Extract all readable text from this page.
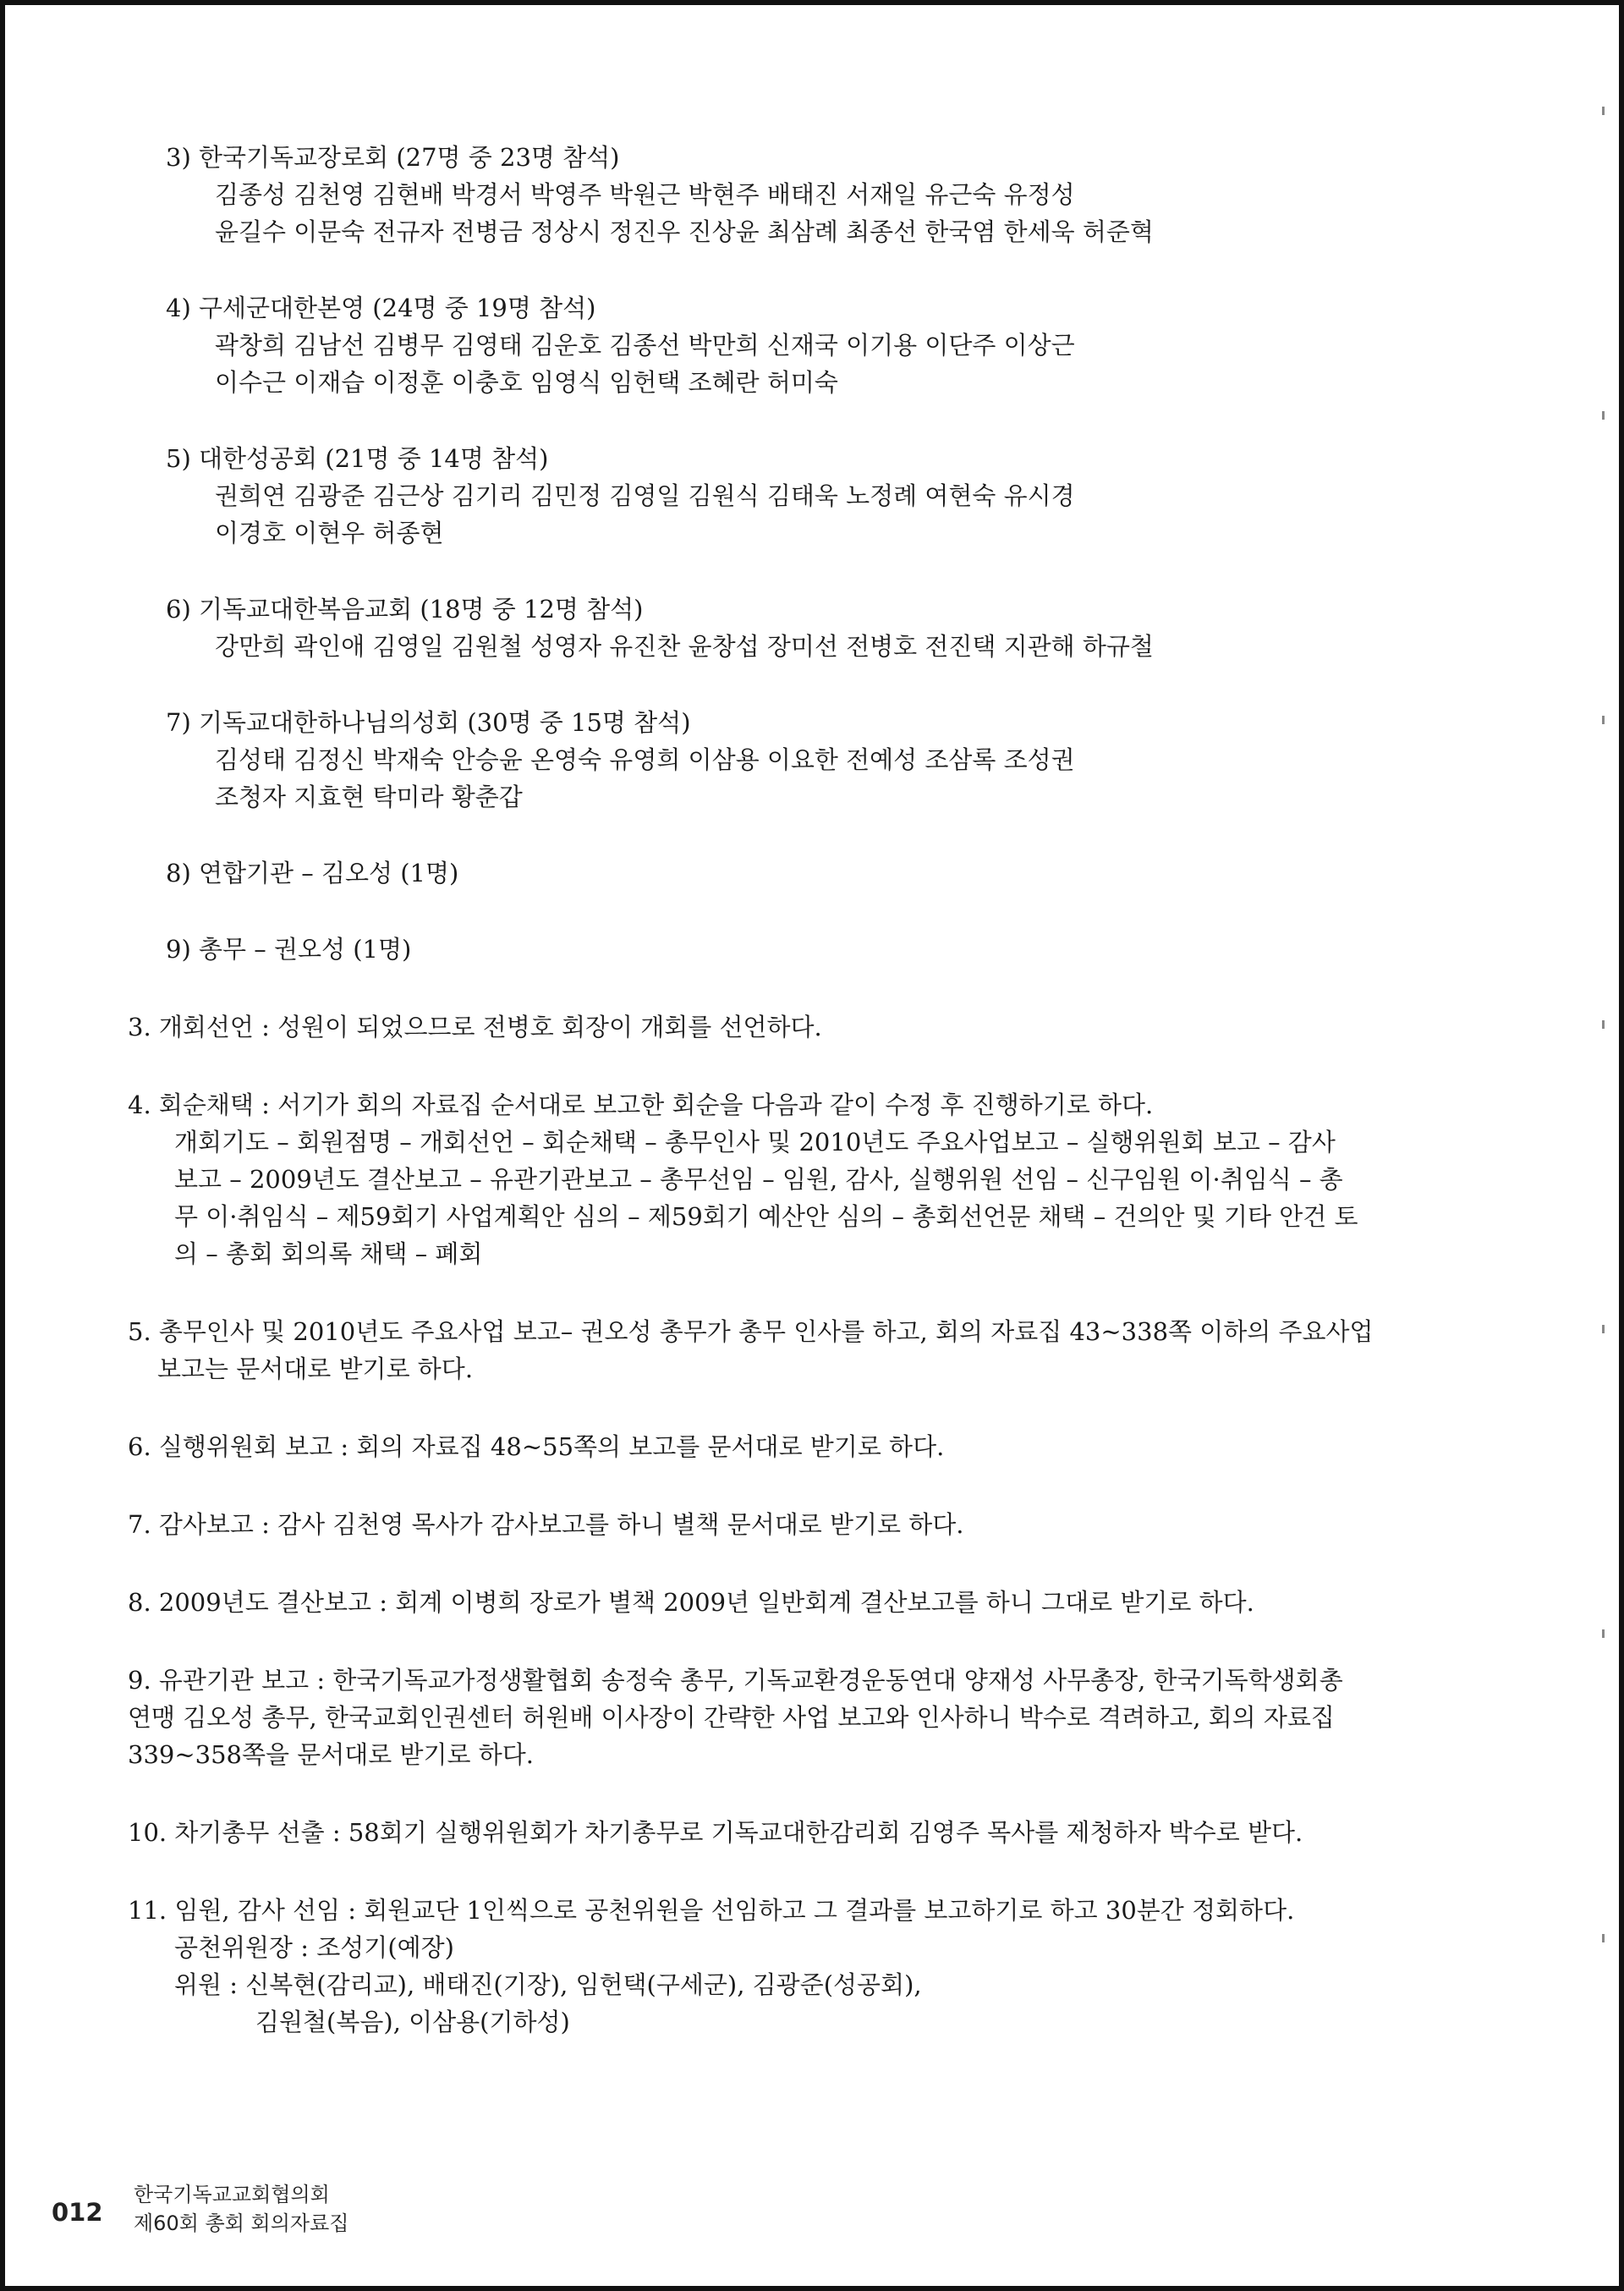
3) 한국기독교장로회 (27명 중 23명 참석)
김종성 김천영 김현배 박경서 박영주 박원근 박현주 배태진 서재일 유근숙 유정성
윤길수 이문숙 전규자 전병금 정상시 정진우 진상윤 최삼례 최종선 한국염 한세욱 허준혁
4) 구세군대한본영 (24명 중 19명 참석)
곽창희 김남선 김병무 김영태 김운호 김종선 박만희 신재국 이기용 이단주 이상근
이수근 이재습 이정훈 이충호 임영식 임헌택 조혜란 허미숙
5) 대한성공회 (21명 중 14명 참석)
권희연 김광준 김근상 김기리 김민정 김영일 김원식 김태욱 노정례 여현숙 유시경
이경호 이현우 허종현
6) 기독교대한복음교회 (18명 중 12명 참석)
강만희 곽인애 김영일 김원철 성영자 유진찬 윤창섭 장미선 전병호 전진택 지관해 하규철
7) 기독교대한하나님의성회 (30명 중 15명 참석)
김성태 김정신 박재숙 안승윤 온영숙 유영희 이삼용 이요한 전예성 조삼록 조성권
조청자 지효현 탁미라 황춘갑
8) 연합기관 – 김오성 (1명)
9) 총무 – 권오성 (1명)
3. 개회선언 : 성원이 되었으므로 전병호 회장이 개회를 선언하다.
4. 회순채택 : 서기가 회의 자료집 순서대로 보고한 회순을 다음과 같이 수정 후 진행하기로 하다.
개회기도 – 회원점명 – 개회선언 – 회순채택 – 총무인사 및 2010년도 주요사업보고 – 실행위원회 보고 – 감사
보고 – 2009년도 결산보고 – 유관기관보고 – 총무선임 – 임원, 감사, 실행위원 선임 – 신구임원 이·취임식 – 총
무 이·취임식 – 제59회기 사업계획안 심의 – 제59회기 예산안 심의 – 총회선언문 채택 – 건의안 및 기타 안건 토
의 – 총회 회의록 채택 – 폐회
5. 총무인사 및 2010년도 주요사업 보고– 권오성 총무가 총무 인사를 하고, 회의 자료집 43~338쪽 이하의 주요사업
보고는 문서대로 받기로 하다.
6. 실행위원회 보고 : 회의 자료집 48~55쪽의 보고를 문서대로 받기로 하다.
7. 감사보고 : 감사 김천영 목사가 감사보고를 하니 별책 문서대로 받기로 하다.
8. 2009년도 결산보고 : 회계 이병희 장로가 별책 2009년 일반회계 결산보고를 하니 그대로 받기로 하다.
9. 유관기관 보고 : 한국기독교가정생활협회 송정숙 총무, 기독교환경운동연대 양재성 사무총장, 한국기독학생회총
연맹 김오성 총무, 한국교회인권센터 허원배 이사장이 간략한 사업 보고와 인사하니 박수로 격려하고, 회의 자료집
339~358쪽을 문서대로 받기로 하다.
10. 차기총무 선출 : 58회기 실행위원회가 차기총무로 기독교대한감리회 김영주 목사를 제청하자 박수로 받다.
11. 임원, 감사 선임 : 회원교단 1인씩으로 공천위원을 선임하고 그 결과를 보고하기로 하고 30분간 정회하다.
공천위원장 : 조성기(예장)
위원 : 신복현(감리교), 배태진(기장), 임헌택(구세군), 김광준(성공회),
김원철(복음), 이삼용(기하성)
한국기독교교회협의회
제60회 총회 회의자료집
012
